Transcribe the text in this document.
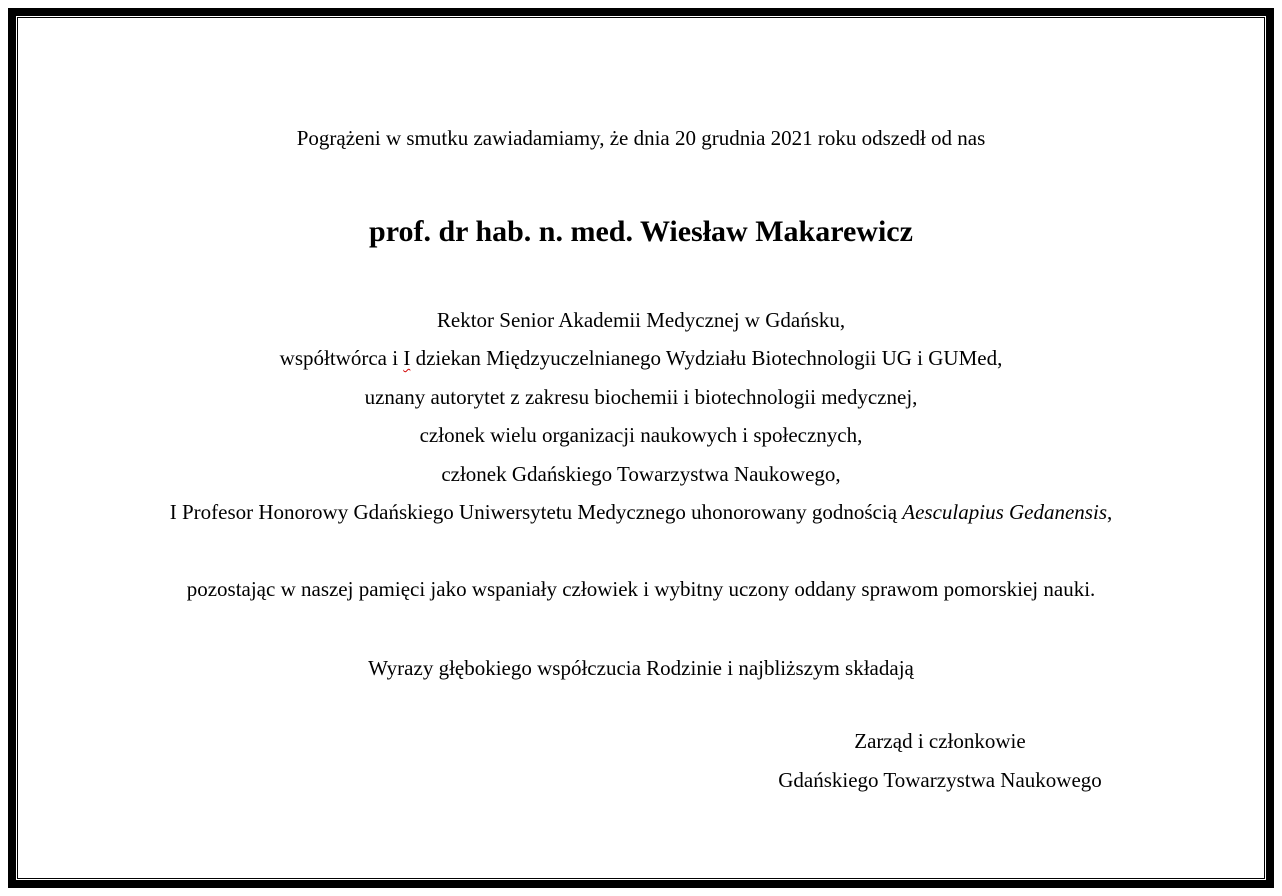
Pogrążeni w smutku zawiadamiamy, że dnia 20 grudnia 2021 roku odszedł od nas
prof. dr hab. n. med. Wiesław Makarewicz
Rektor Senior Akademii Medycznej w Gdańsku,
współtwórca i I dziekan Międzyuczelnianego Wydziału Biotechnologii UG i GUMed,
uznany autorytet z zakresu biochemii i biotechnologii medycznej,
członek wielu organizacji naukowych i społecznych,
członek Gdańskiego Towarzystwa Naukowego,
I Profesor Honorowy Gdańskiego Uniwersytetu Medycznego uhonorowany godnością Aesculapius Gedanensis,
pozostając w naszej pamięci jako wspaniały człowiek i wybitny uczony oddany sprawom pomorskiej nauki.
Wyrazy głębokiego współczucia Rodzinie i najbliższym składają
Zarząd i członkowie
Gdańskiego Towarzystwa Naukowego
